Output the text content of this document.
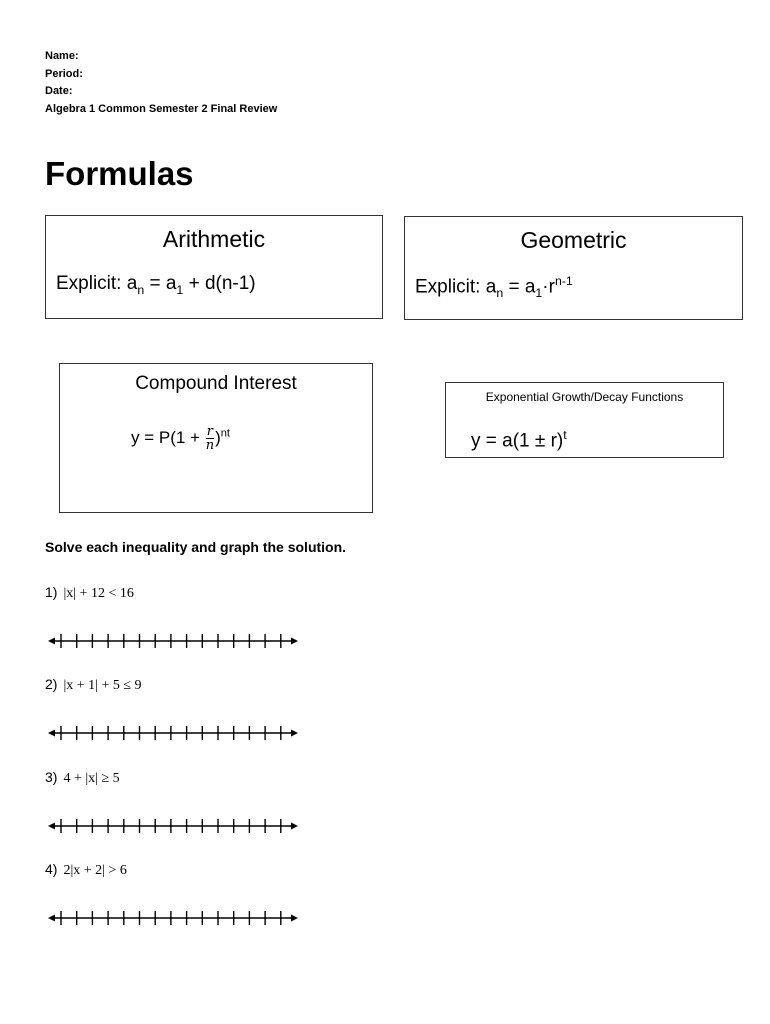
Name:
Period:
Date:
Algebra 1 Common Semester 2 Final Review
Formulas
Arithmetic
Explicit: $a_n = a_1 + d(n-1)$
Geometric
Explicit: $a_n = a_1\cdot r^{n-1}$
Compound Interest
$y = P(1 + \frac{r}{n} )^{nt}$
Exponential Growth/Decay Functions
$y = a(1 \pm r)^t$
Solve each inequality and graph the solution.
1) |x| + 12 < 16
2) |x + 1| + 5 ≤ 9
3) 4 + |x| ≥ 5
4) 2|x + 2| > 6
